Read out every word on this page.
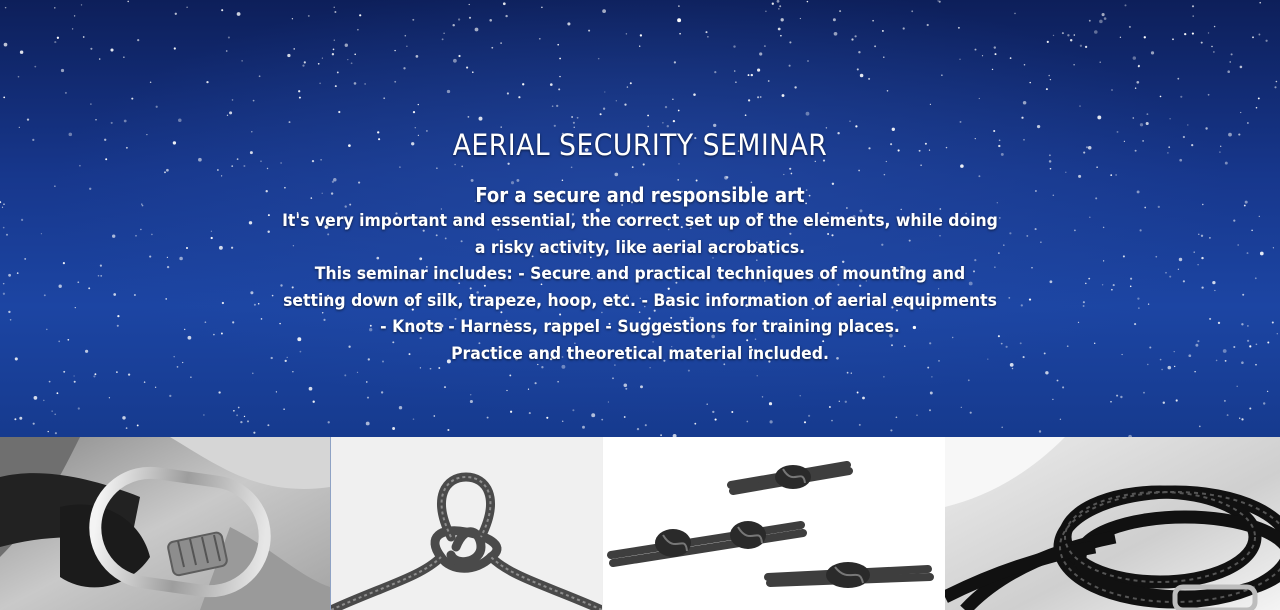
AERIAL SECURITY SEMINAR
For a secure and responsible art

It's very important and essential, the correct set up of the elements, while doing a risky activity, like aerial acrobatics.

This seminar includes: - Secure and practical techniques of mounting and setting down of silk, trapeze, hoop, etc. - Basic information of aerial equipments - Knots - Harness, rappel - Suggestions for training places.

Practice and theoretical material included.
